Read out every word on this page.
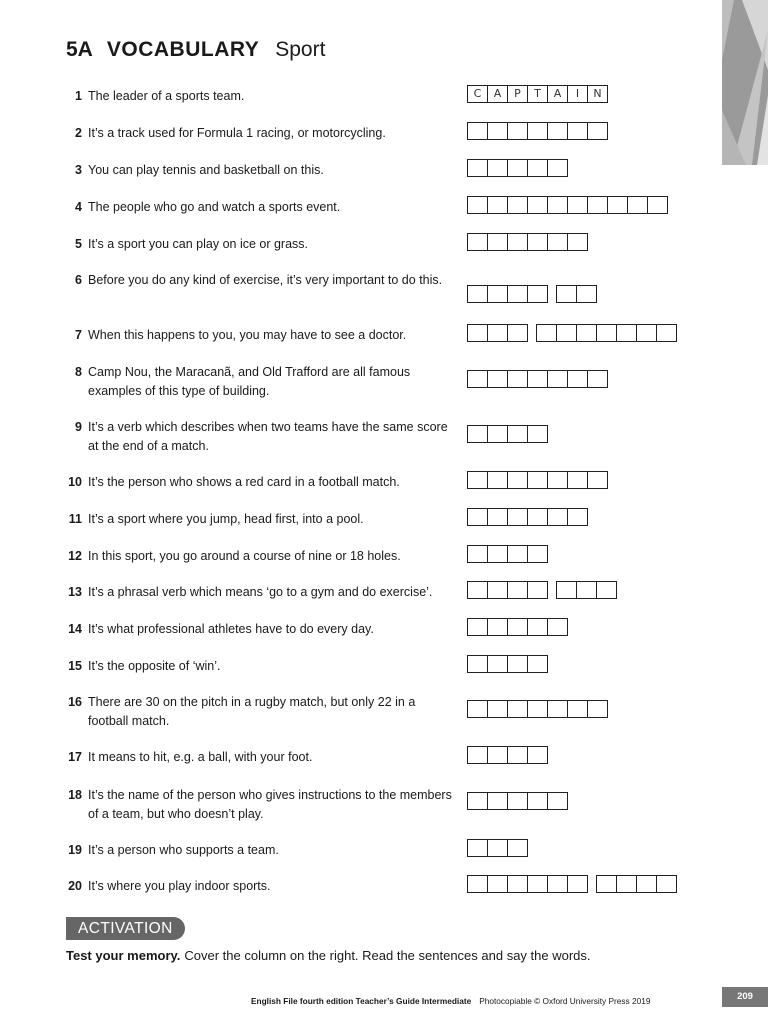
5A VOCABULARY Sport
1 The leader of a sports team.	C	A	P	T	A	I	N
2 It’s a track used for Formula 1 racing, or motorcycling.
3 You can play tennis and basketball on this.
4 The people who go and watch a sports event.
5 It’s a sport you can play on ice or grass.
6 Before you do any kind of exercise, it’s very important to do this.
7 When this happens to you, you may have to see a doctor.
8 Camp Nou, the Maracanã, and Old Trafford are all famous examples of this type of building.
9 It’s a verb which describes when two teams have the same score at the end of a match.
10 It’s the person who shows a red card in a football match.
11 It’s a sport where you jump, head first, into a pool.
12 In this sport, you go around a course of nine or 18 holes.
13 It’s a phrasal verb which means ‘go to a gym and do exercise’.
14 It’s what professional athletes have to do every day.
15 It’s the opposite of ‘win’.
16 There are 30 on the pitch in a rugby match, but only 22 in a football match.
17 It means to hit, e.g. a ball, with your foot.
18 It’s the name of the person who gives instructions to the members of a team, but who doesn’t play.
19 It’s a person who supports a team.
20 It’s where you play indoor sports.
ACTIVATION
Test your memory. Cover the column on the right. Read the sentences and say the words.
English File fourth edition Teacher’s Guide Intermediate Photocopiable © Oxford University Press 2019	209
